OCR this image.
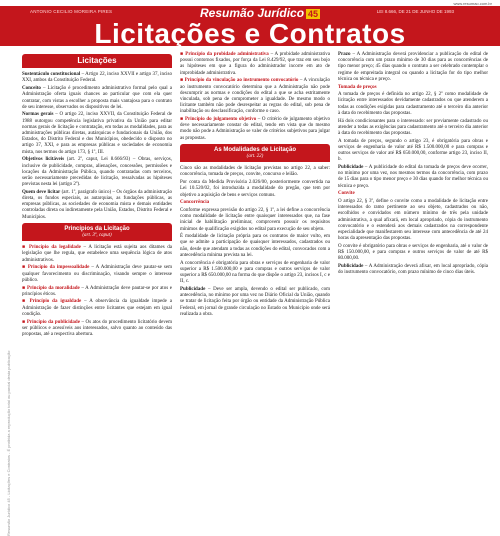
www.resumao.com.br
ANTONIO CECILIO MOREIRA PIRES	Resumão Jurídico 45	LEI 8.666, DE 21 DE JUNHO DE 1993
Licitações e Contratos
Resumão Jurídico 45 - Licitações e Contratos - É proibida a reprodução total ou parcial desta publicação
Licitações

Sustentáculo constitucional – Artigo 22, inciso XXVII e artigo 37, inciso XXI, ambos da Constituição Federal.

Conceito – Licitação é procedimento administrativo formal pelo qual a Administração oferta iguais chances ao particular que com ela quer contratar, com vistas a escolher a proposta mais vantajosa para o contrato de seu interesse, observados os dispositivos de lei.

Normas gerais – O artigo 22, inciso XXVII, da Constituição Federal de 1988 outorgou competência legislativa privativa da União para editar normas gerais de licitação e contratação, em todas as modalidades, para as administrações públicas diretas, autárquicas e fundacionais da União, dos Estados, do Distrito Federal e dos Municípios, obedecido o disposto no artigo 37, XXI, e para as empresas públicas e sociedades de economia mista, nos termos do artigo 173, § 1º, III.

Objetivos licitáveis (art. 2º, caput, Lei 8.666/93) – Obras, serviços, inclusive de publicidade, compras, alienações, concessões, permissões e locações da Administração Pública, quando contratadas com terceiros, serão necessariamente precedidas de licitação, ressalvadas as hipóteses previstas nesta lei (artigo 2º).

Quem deve licitar (art. 1º, parágrafo único) – Os órgãos da administração direta, os fundos especiais, as autarquias, as fundações públicas, as empresas públicas, as sociedades de economia mista e demais entidades controladas direta ou indiretamente pela União, Estados, Distrito Federal e Municípios.

Princípios da Licitação
(art. 3º, caput)

■ Princípio da legalidade – A licitação está sujeita aos ditames da legislação que lhe regula, que estabelece uma sequência lógica de atos administrativos.

■ Princípio da impessoalidade – A Administração deve pautar-se sem qualquer favorecimento ou discriminação, visando sempre o interesse público.

■ Princípio da moralidade – A Administração deve pautar-se por atos e princípios éticos.

■ Princípio da igualdade – A observância da igualdade impede a Administração de fazer distinções entre licitantes que estejam em igual condição.

■ Princípio da publicidade – Os atos do procedimento licitatório devem ser públicos e acessíveis aos interessados, salvo quanto ao conteúdo das propostas, até a respectiva abertura.

■ Princípio da probidade administrativa – A probidade administrativa possui contornos fixados, por força da Lei 8.429/92, que traz em seu bojo as hipóteses em que a figura do administrador incorre em ato de improbidade administrativa.

■ Princípio da vinculação ao instrumento convocatório – A vinculação ao instrumento convocatório determina que a Administração não pode descumprir as normas e condições do edital a que se acha estritamente vinculada, sob pena de comprometer a igualdade. De mesmo modo o licitante também não pode desrespeitar as regras do edital, sob pena de inabilitação ou desclassificação, conforme o caso.

■ Princípio do julgamento objetivo – O critério de julgamento objetivo deve necessariamente constar do edital, tendo em vista que do mesmo modo não pode a Administração se valer de critérios subjetivos para julgar as propostas.

As Modalidades de Licitação
(art. 22)

Cinco são as modalidades de licitação previstas no artigo 22, a saber: concorrência, tomada de preços, convite, concurso e leilão.

Por conta da Medida Provisória 2.026/00, posteriormente convertida na Lei 10.520/02, foi introduzida a modalidade do pregão, que tem por objetivo a aquisição de bens e serviços comuns.

Concorrência

Conforme expressa previsão do artigo 22, § 1º, a lei define a concorrência como modalidade de licitação entre quaisquer interessados que, na fase inicial de habilitação preliminar, comprovem possuir os requisitos mínimos de qualificação exigidos no edital para execução de seu objeto.

É modalidade de licitação própria para os contratos de maior vulto, em que se admite a participação de quaisquer interessados, cadastrados ou não, desde que atendam a todas as condições do edital, convocados com a antecedência mínima prevista na lei.

A concorrência é obrigatória para obras e serviços de engenharia de valor superior a R$ 1.500.000,00 e para compras e outros serviços de valor superior a R$ 650.000,00 na forma do que dispõe o artigo 23, incisos I, c e II, c.

Publicidade – Deve ser ampla, devendo o edital ser publicado, com antecedência, no mínimo por uma vez no Diário Oficial da União, quando se tratar de licitação feita por órgão ou entidade da Administração Pública Federal, em jornal de grande circulação no Estado ou Município onde será realizada a obra.

Prazo – A Administração deverá providenciar a publicação do edital de concorrência com um prazo mínimo de 30 dias para as concorrências de tipo menor preço; 45 dias quando o contrato a ser celebrado contemplar o regime de empreitada integral ou quando a licitação for do tipo melhor técnica ou técnica e preço.

Tomada de preços

A tomada de preços é definida no artigo 22, § 2º como modalidade de licitação entre interessados devidamente cadastrados ou que atenderem a todas as condições exigidas para cadastramento até o terceiro dia anterior à data do recebimento das propostas.

Há dois condicionantes para o interessado: ser previamente cadastrado ou atender a todas as exigências para cadastramento até o terceiro dia anterior à data do recebimento das propostas.

A tomada de preços, segundo o artigo 23, é obrigatória para obras e serviços de engenharia de valor até R$ 1.500.000,00 e para compras e outros serviços de valor até R$ 650.000,00, conforme artigo 23, inciso II, b.

Publicidade – A publicidade do edital da tomada de preços deve ocorrer, no mínimo por uma vez, nos mesmos termos da concorrência, com prazo de 15 dias para o tipo menor preço e 30 dias quando for melhor técnica ou técnica e preço.

Convite

O artigo 22, § 3º, define o convite como a modalidade de licitação entre interessados do ramo pertinente ao seu objeto, cadastrados ou não, escolhidos e convidados em número mínimo de três pela unidade administrativa, a qual afixará, em local apropriado, cópia do instrumento convocatório e o estenderá aos demais cadastrados na correspondente especialidade que manifestarem seu interesse com antecedência de até 24 horas da apresentação das propostas.

O convite é obrigatório para obras e serviços de engenharia, até o valor de R$ 150.000,00, e para compras e outros serviços de valor de até R$ 80.000,00.

Publicidade – A Administração deverá afixar, em local apropriado, cópia do instrumento convocatório, com prazo mínimo de cinco dias úteis.
